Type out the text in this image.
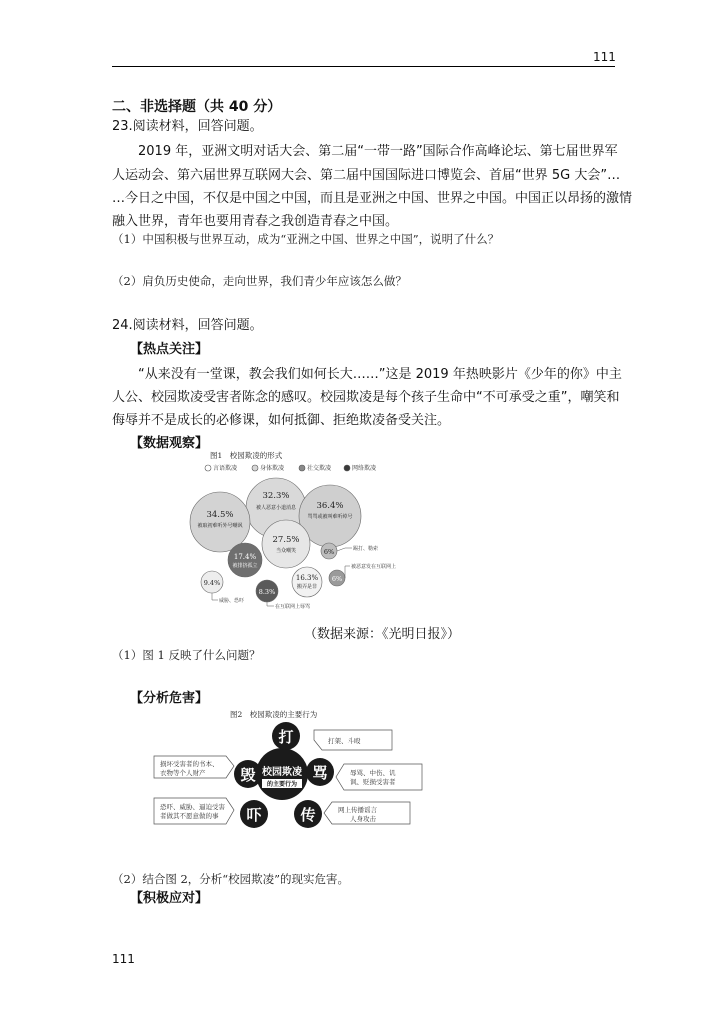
111
二、非选择题（共 40 分）
23.阅读材料，回答问题。
2019 年，亚洲文明对话大会、第二届“一带一路”国际合作高峰论坛、第七届世界军
人运动会、第六届世界互联网大会、第二届中国国际进口博览会、首届“世界 5G 大会”…
…今日之中国，不仅是中国之中国，而且是亚洲之中国、世界之中国。中国正以昂扬的激情
融入世界，青年也要用青春之我创造青春之中国。
（1）中国积极与世界互动，成为“亚洲之中国、世界之中国”，说明了什么？
（2）肩负历史使命，走向世界，我们青少年应该怎么做？
24.阅读材料，回答问题。
【热点关注】
“从来没有一堂课，教会我们如何长大……”这是 2019 年热映影片《少年的你》中主
人公、校园欺凌受害者陈念的感叹。校园欺凌是每个孩子生命中“不可承受之重”，嘲笑和
侮辱并不是成长的必修课，如何抵御、拒绝欺凌备受关注。
【数据观察】
图1　校园欺凌的形式
言语欺凌	身体欺凌	社交欺凌	网络欺凌
32.3%
被人恶意小道消息 36.4%
骂骂或被叫难听绰号
34.5%
被取初难听外号嘲讽
27.5%
当众嘲笑
17.4%
被排挤孤立
6%
9.4%
8.3%
16.3%
搬弄是非
6%
踢打、勒索
被恶意发在互联网上
威胁、恐吓
在互联网上辱骂
（数据来源：《光明日报》）
（1）图 1 反映了什么问题？
【分析危害】
图2　校园欺凌的主要行为
打架、斗殴
损坏受害者的书本、
衣物等个人财产	辱骂、中伤、讥
讽、贬损受害者
恐吓、威胁、逼迫受害
者做其不愿意做的事
网上传播谣言
人身攻击
校园欺凌
的主要行为
打
毁	骂
吓	传
（2）结合图 2，分析“校园欺凌”的现实危害。
【积极应对】
111
